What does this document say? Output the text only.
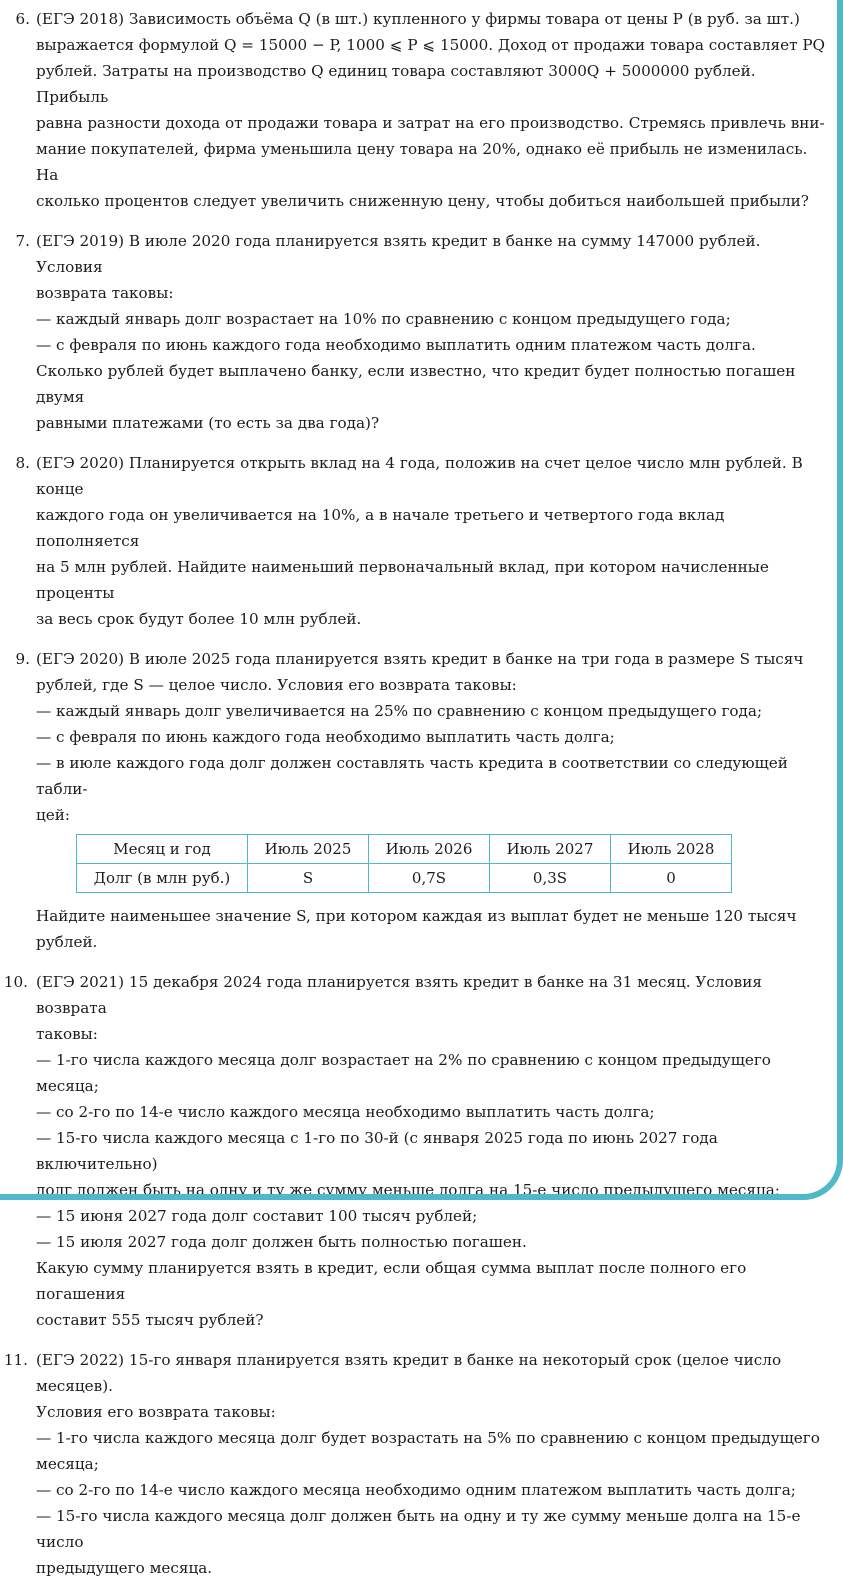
6. (ЕГЭ 2018) Зависимость объёма Q (в шт.) купленного у фирмы товара от цены P (в руб. за шт.)
выражается формулой Q = 15000 − P, 1000 ⩽ P ⩽ 15000. Доход от продажи товара составляет PQ
рублей. Затраты на производство Q единиц товара составляют 3000Q + 5000000 рублей. Прибыль
равна разности дохода от продажи товара и затрат на его производство. Стремясь привлечь вни-
мание покупателей, фирма уменьшила цену товара на 20%, однако её прибыль не изменилась. На
сколько процентов следует увеличить сниженную цену, чтобы добиться наибольшей прибыли?
7. (ЕГЭ 2019) В июле 2020 года планируется взять кредит в банке на сумму 147000 рублей. Условия
возврата таковы:
— каждый январь долг возрастает на 10% по сравнению с концом предыдущего года;
— с февраля по июнь каждого года необходимо выплатить одним платежом часть долга.
Сколько рублей будет выплачено банку, если известно, что кредит будет полностью погашен двумя
равными платежами (то есть за два года)?
8. (ЕГЭ 2020) Планируется открыть вклад на 4 года, положив на счет целое число млн рублей. В конце
каждого года он увеличивается на 10%, а в начале третьего и четвертого года вклад пополняется
на 5 млн рублей. Найдите наименьший первоначальный вклад, при котором начисленные проценты
за весь срок будут более 10 млн рублей.
9. (ЕГЭ 2020) В июле 2025 года планируется взять кредит в банке на три года в размере S тысяч
рублей, где S — целое число. Условия его возврата таковы:
— каждый январь долг увеличивается на 25% по сравнению с концом предыдущего года;
— с февраля по июнь каждого года необходимо выплатить часть долга;
— в июле каждого года долг должен составлять часть кредита в соответствии со следующей табли-
цей:
Месяц и год	Июль 2025	Июль 2026	Июль 2027	Июль 2028
Долг (в млн руб.)	S	0,7S	0,3S	0
Найдите наименьшее значение S, при котором каждая из выплат будет не меньше 120 тысяч рублей.
10. (ЕГЭ 2021) 15 декабря 2024 года планируется взять кредит в банке на 31 месяц. Условия возврата
таковы:
— 1-го числа каждого месяца долг возрастает на 2% по сравнению с концом предыдущего месяца;
— со 2-го по 14-е число каждого месяца необходимо выплатить часть долга;
— 15-го числа каждого месяца с 1-го по 30-й (с января 2025 года по июнь 2027 года включительно)
долг должен быть на одну и ту же сумму меньше долга на 15-е число предыдущего месяца;
— 15 июня 2027 года долг составит 100 тысяч рублей;
— 15 июля 2027 года долг должен быть полностью погашен.
Какую сумму планируется взять в кредит, если общая сумма выплат после полного его погашения
составит 555 тысяч рублей?
11. (ЕГЭ 2022) 15-го января планируется взять кредит в банке на некоторый срок (целое число месяцев).
Условия его возврата таковы:
— 1-го числа каждого месяца долг будет возрастать на 5% по сравнению с концом предыдущего
месяца;
— со 2-го по 14-е число каждого месяца необходимо одним платежом выплатить часть долга;
— 15-го числа каждого месяца долг должен быть на одну и ту же сумму меньше долга на 15-е число
предыдущего месяца.
